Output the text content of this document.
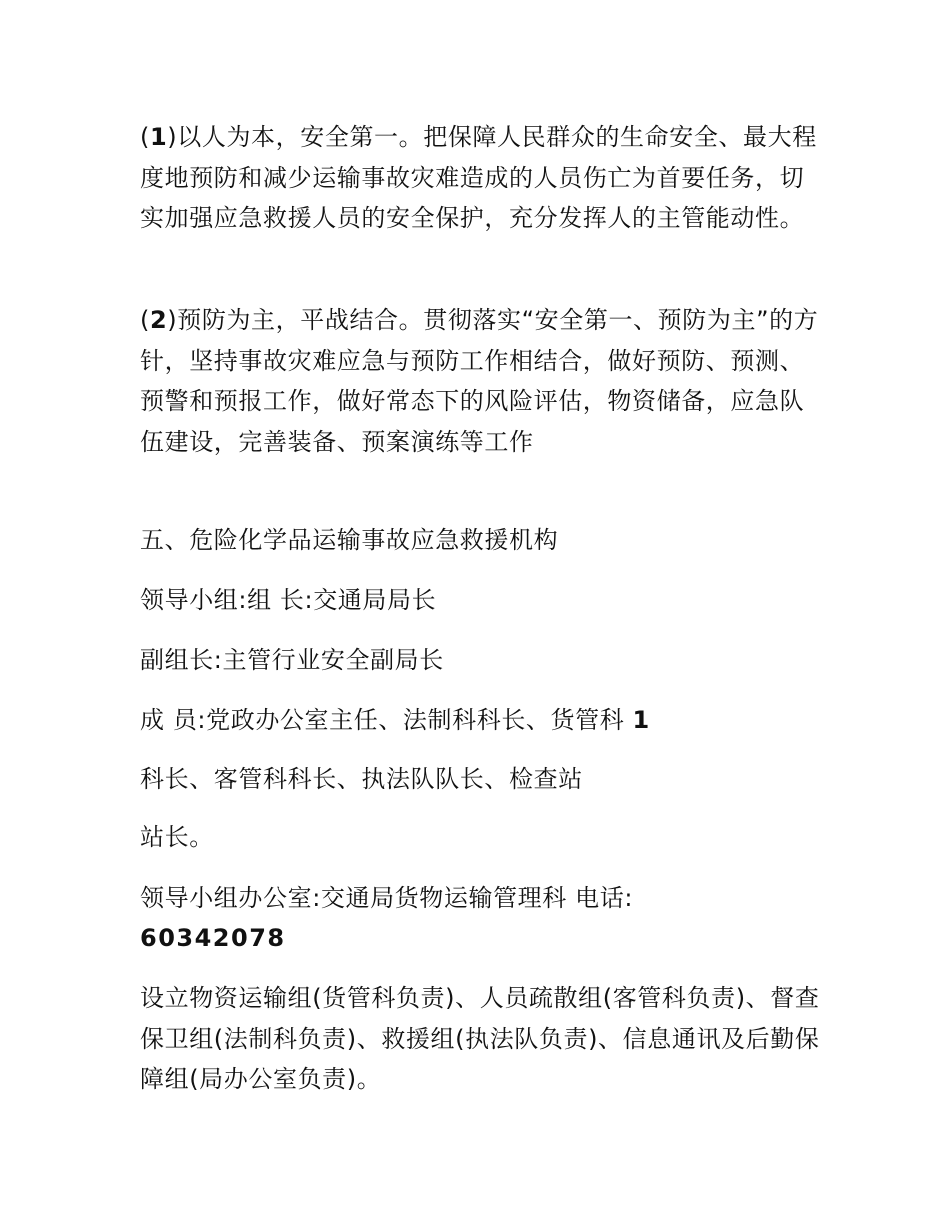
(1)以人为本，安全第一。把保障人民群众的生命安全、最大程度地预防和减少运输事故灾难造成的人员伤亡为首要任务，切实加强应急救援人员的安全保护，充分发挥人的主管能动性。

(2)预防为主，平战结合。贯彻落实“安全第一、预防为主”的方针，坚持事故灾难应急与预防工作相结合，做好预防、预测、预警和预报工作，做好常态下的风险评估，物资储备，应急队伍建设，完善装备、预案演练等工作

五、危险化学品运输事故应急救援机构

领导小组:组 长:交通局局长

副组长:主管行业安全副局长

成 员:党政办公室主任、法制科科长、货管科 1

科长、客管科科长、执法队队长、检查站

站长。

领导小组办公室:交通局货物运输管理科 电话:

60342078

设立物资运输组(货管科负责)、人员疏散组(客管科负责)、督查保卫组(法制科负责)、救援组(执法队负责)、信息通讯及后勤保障组(局办公室负责)。
